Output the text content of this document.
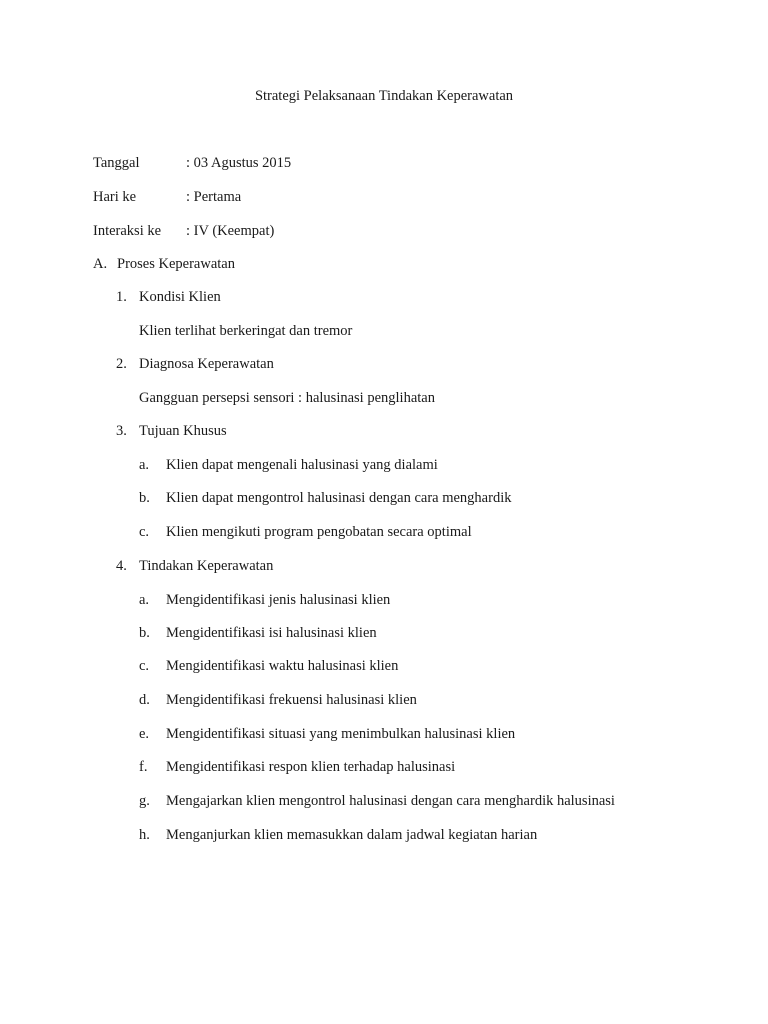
Strategi Pelaksanaan Tindakan Keperawatan
Tanggal	: 03 Agustus 2015
Hari ke	: Pertama
Interaksi ke : IV (Keempat)
A. Proses Keperawatan
1. Kondisi Klien
Klien terlihat berkeringat dan tremor
2. Diagnosa Keperawatan
Gangguan persepsi sensori : halusinasi penglihatan
3. Tujuan Khusus
a. Klien dapat mengenali halusinasi yang dialami
b. Klien dapat mengontrol halusinasi dengan cara menghardik
c. Klien mengikuti program pengobatan secara optimal
4. Tindakan Keperawatan
a. Mengidentifikasi jenis halusinasi klien
b. Mengidentifikasi isi halusinasi klien
c. Mengidentifikasi waktu halusinasi klien
d. Mengidentifikasi frekuensi halusinasi klien
e. Mengidentifikasi situasi yang menimbulkan halusinasi klien
f. Mengidentifikasi respon klien terhadap halusinasi
g. Mengajarkan klien mengontrol halusinasi dengan cara menghardik halusinasi
h. Menganjurkan klien memasukkan dalam jadwal kegiatan harian
